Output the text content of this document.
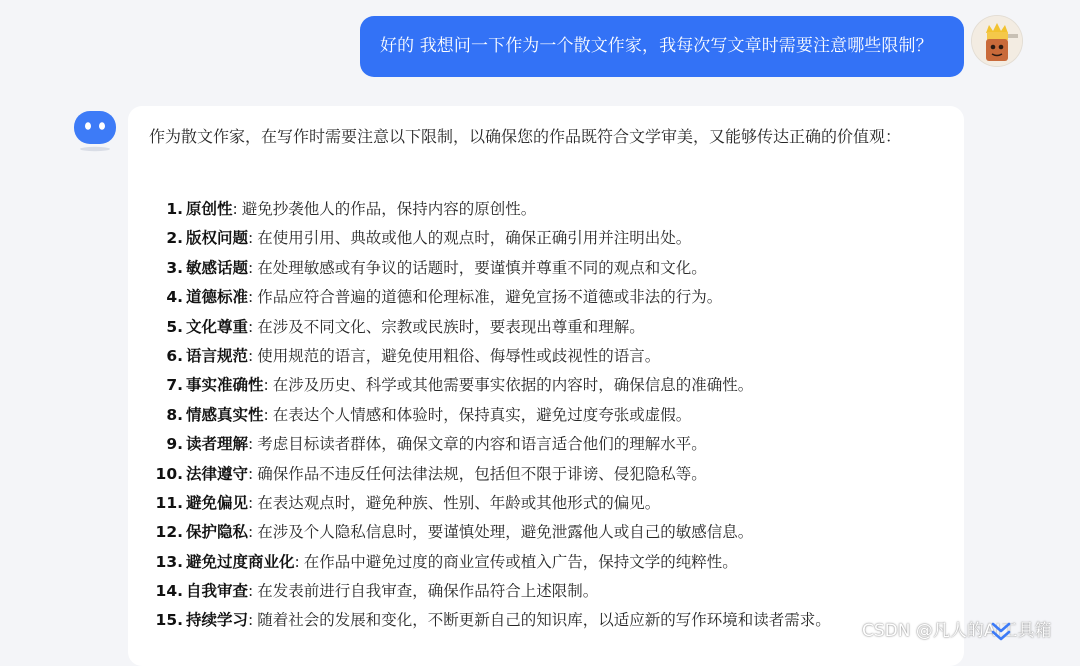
好的 我想问一下作为一个散文作家，我每次写文章时需要注意哪些限制？
作为散文作家，在写作时需要注意以下限制，以确保您的作品既符合文学审美，又能够传达正确的价值观：
1. 原创性 : 避免抄袭他人的作品，保持内容的原创性。
2. 版权问题 : 在使用引用、典故或他人的观点时，确保正确引用并注明出处。
3. 敏感话题 : 在处理敏感或有争议的话题时，要谨慎并尊重不同的观点和文化。
4. 道德标准 : 作品应符合普遍的道德和伦理标准，避免宣扬不道德或非法的行为。
5. 文化尊重 : 在涉及不同文化、宗教或民族时，要表现出尊重和理解。
6. 语言规范 : 使用规范的语言，避免使用粗俗、侮辱性或歧视性的语言。
7. 事实准确性 : 在涉及历史、科学或其他需要事实依据的内容时，确保信息的准确性。
8. 情感真实性 : 在表达个人情感和体验时，保持真实，避免过度夸张或虚假。
9. 读者理解 : 考虑目标读者群体，确保文章的内容和语言适合他们的理解水平。
10. 法律遵守 : 确保作品不违反任何法律法规，包括但不限于诽谤、侵犯隐私等。
11. 避免偏见 : 在表达观点时，避免种族、性别、年龄或其他形式的偏见。
12. 保护隐私 : 在涉及个人隐私信息时，要谨慎处理，避免泄露他人或自己的敏感信息。
13. 避免过度商业化 : 在作品中避免过度的商业宣传或植入广告，保持文学的纯粹性。
14. 自我审查 : 在发表前进行自我审查，确保作品符合上述限制。
15. 持续学习 : 随着社会的发展和变化，不断更新自己的知识库，以适应新的写作环境和读者需求。
CSDN @凡人的AI工具箱
